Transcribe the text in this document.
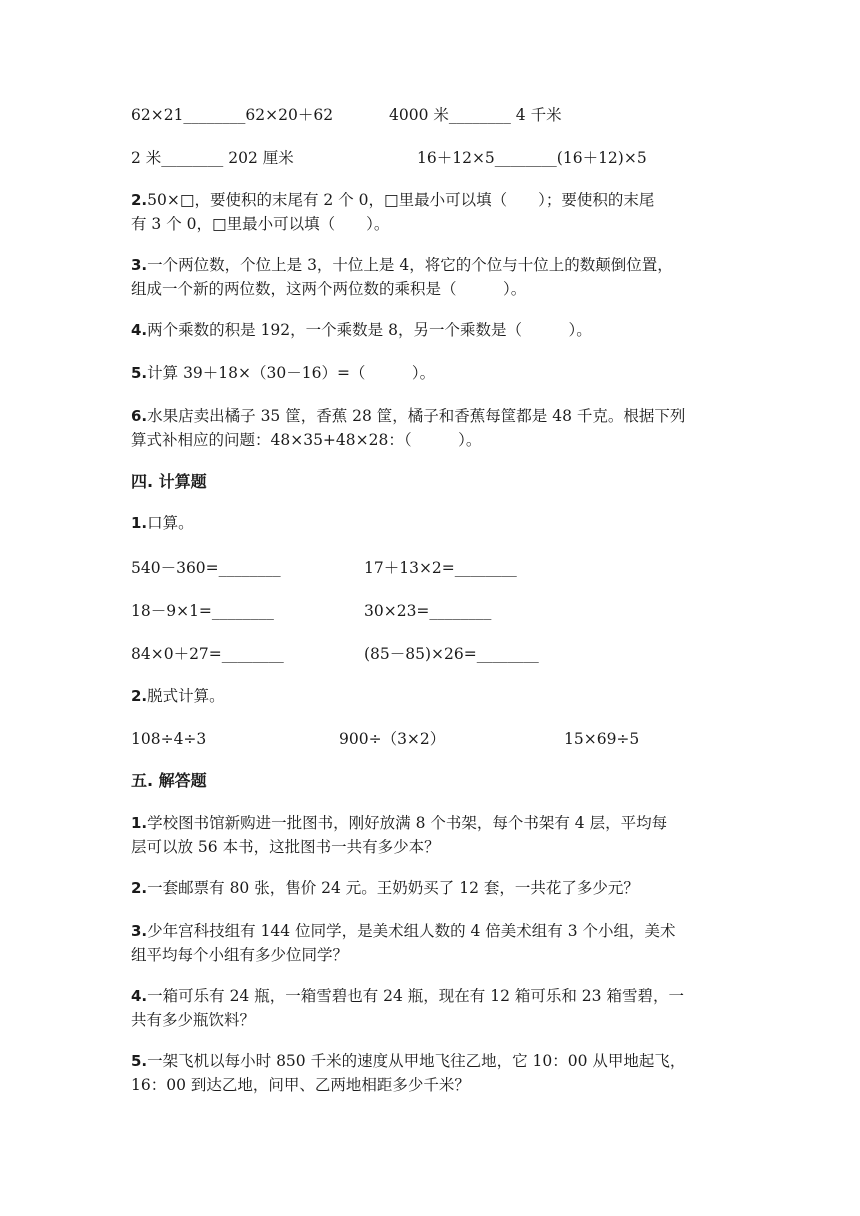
62×21________62×20＋62	4000 米________ 4 千米
2 米________ 202 厘米	16＋12×5________(16＋12)×5
2.50×□，要使积的末尾有 2 个 0，□里最小可以填（　　）；要使积的末尾
有 3 个 0，□里最小可以填（　　）。
3.一个两位数，个位上是 3，十位上是 4，将它的个位与十位上的数颠倒位置，
组成一个新的两位数，这两个两位数的乘积是（　　　）。
4.两个乘数的积是 192，一个乘数是 8，另一个乘数是（　　　）。
5.计算 39＋18×（30－16）=（　　　）。
6.水果店卖出橘子 35 筐，香蕉 28 筐，橘子和香蕉每筐都是 48 千克。根据下列
算式补相应的问题：48×35+48×28：（　　　）。
四. 计算题
1.口算。
540－360=________	17＋13×2=________
18－9×1=________	30×23=________
84×0＋27=________	(85－85)×26=________
2.脱式计算。
108÷4÷3	900÷（3×2）	15×69÷5
五. 解答题
1.学校图书馆新购进一批图书，刚好放满 8 个书架，每个书架有 4 层，平均每
层可以放 56 本书，这批图书一共有多少本？
2.一套邮票有 80 张，售价 24 元。王奶奶买了 12 套，一共花了多少元？
3.少年宫科技组有 144 位同学，是美术组人数的 4 倍美术组有 3 个小组，美术
组平均每个小组有多少位同学？
4.一箱可乐有 24 瓶，一箱雪碧也有 24 瓶，现在有 12 箱可乐和 23 箱雪碧，一
共有多少瓶饮料？
5.一架飞机以每小时 850 千米的速度从甲地飞往乙地，它 10：00 从甲地起飞，
16：00 到达乙地，问甲、乙两地相距多少千米？
